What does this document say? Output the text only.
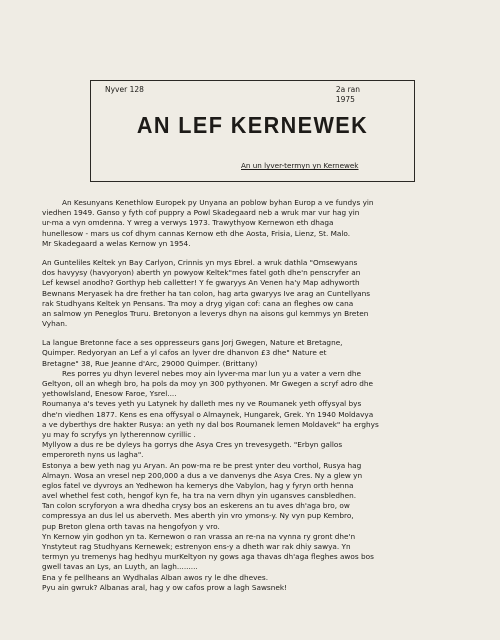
Nyver 128	2a ran
1975
AN LEF KERNEWEK
An un lyver-termyn yn Kernewek
An Kesunyans Kenethlow Europek py Unyana an poblow byhan Europ a ve fundys yin
viedhen 1949. Ganso y fyth cof puppry a Powl Skadegaard neb a wruk mar vur hag yin
ur-ma a vyn omdenna. Y wreg a verwys 1973. Trawythyow Kernewon eth dhaga
hunellesow - mars us cof dhym cannas Kernow eth dhe Aosta, Frisia, Lienz, St. Malo.
Mr Skadegaard a welas Kernow yn 1954.
An Gunteliles Keltek yn Bay Carlyon, Crinnis yn mys Ebrel. a wruk dathla "Omsewyans
dos havyysy (havyoryon) aberth yn powyow Keltek"mes fatel goth dhe'n penscryfer an
Lef kewsel anodho? Gorthyp heb calletter! Y fe gwaryys An Venen ha'y Map adhyworth
Bewnans Meryasek ha dre frether ha tan colon, hag arta gwaryys Ive arag an Cuntellyans
rak Studhyans Keltek yn Pensans. Tra moy a dryg yigan cof: cana an fleghes ow cana
an salmow yn Peneglos Truru. Bretonyon a leverys dhyn na aisons gul kemmys yn Breten
Vyhan.
La langue Bretonne face a ses oppresseurs gans Jorj Gwegen, Nature et Bretagne,
Quimper. Redyoryan an Lef a yl cafos an lyver dre dhanvon £3 dhe" Nature et
Bretagne" 38, Rue Jeanne d'Arc, 29000 Quimper. (Brittany)
Res porres yu dhyn leverel nebes moy ain lyver-ma mar lun yu a vater a vern dhe
Geltyon, oll an whegh bro, ha pols da moy yn 300 pythyonen. Mr Gwegen a scryf adro dhe
yethowlsland, Enesow Faroe, Ysrel....
Roumanya a's teves yeth yu Latynek hy dalleth mes ny ve Roumanek yeth offysyal bys
dhe'n viedhen 1877. Kens es ena offysyal o Almaynek, Hungarek, Grek. Yn 1940 Moldavya
a ve dyberthys dre hakter Rusya: an yeth ny dal bos Roumanek lemen Moldavek" ha erghys
yu may fo scryfys yn lytherennow cyrillic .
Myllyow a dus re be dyleys ha gorrys dhe Asya Cres yn trevesygeth. "Erbyn gallos
emperoreth nyns us lagha".
Estonya a bew yeth nag yu Aryan. An pow-ma re be prest ynter deu vorthol, Rusya hag
Almayn. Wosa an vresel nep 200,000 a dus a ve danvenys dhe Asya Cres. Ny a glew yn
eglos fatel ve dyvroys an Yedhewon ha kemerys dhe Vabylon, hag y fyryn orth henna
avel whethel fest coth, hengof kyn fe, ha tra na vern dhyn yin ugansves cansbledhen.
Tan colon scryforyon a wra dhedha crysy bos an eskerens an tu aves dh'aga bro, ow
compressya an dus lel us aberveth. Mes aberth yin vro ymons-y. Ny vyn pup Kembro,
pup Breton glena orth tavas na hengofyon y vro.
Yn Kernow yin godhon yn ta. Kernewon o ran vrassa an re-na na vynna ry gront dhe'n
Ynstyteut rag Studhyans Kernewek; estrenyon ens-y a dheth war rak dhiy sawya. Yn
termyn yu tremenys hag hedhyu murKeltyon ny gows aga thavas dh'aga fleghes awos bos
gwell tavas an Lys, an Luyth, an lagh.........
Ena y fe pellheans an Wydhalas Alban awos ry le dhe dheves.
Pyu ain gwruk? Albanas aral, hag y ow cafos prow a lagh Sawsnek!
